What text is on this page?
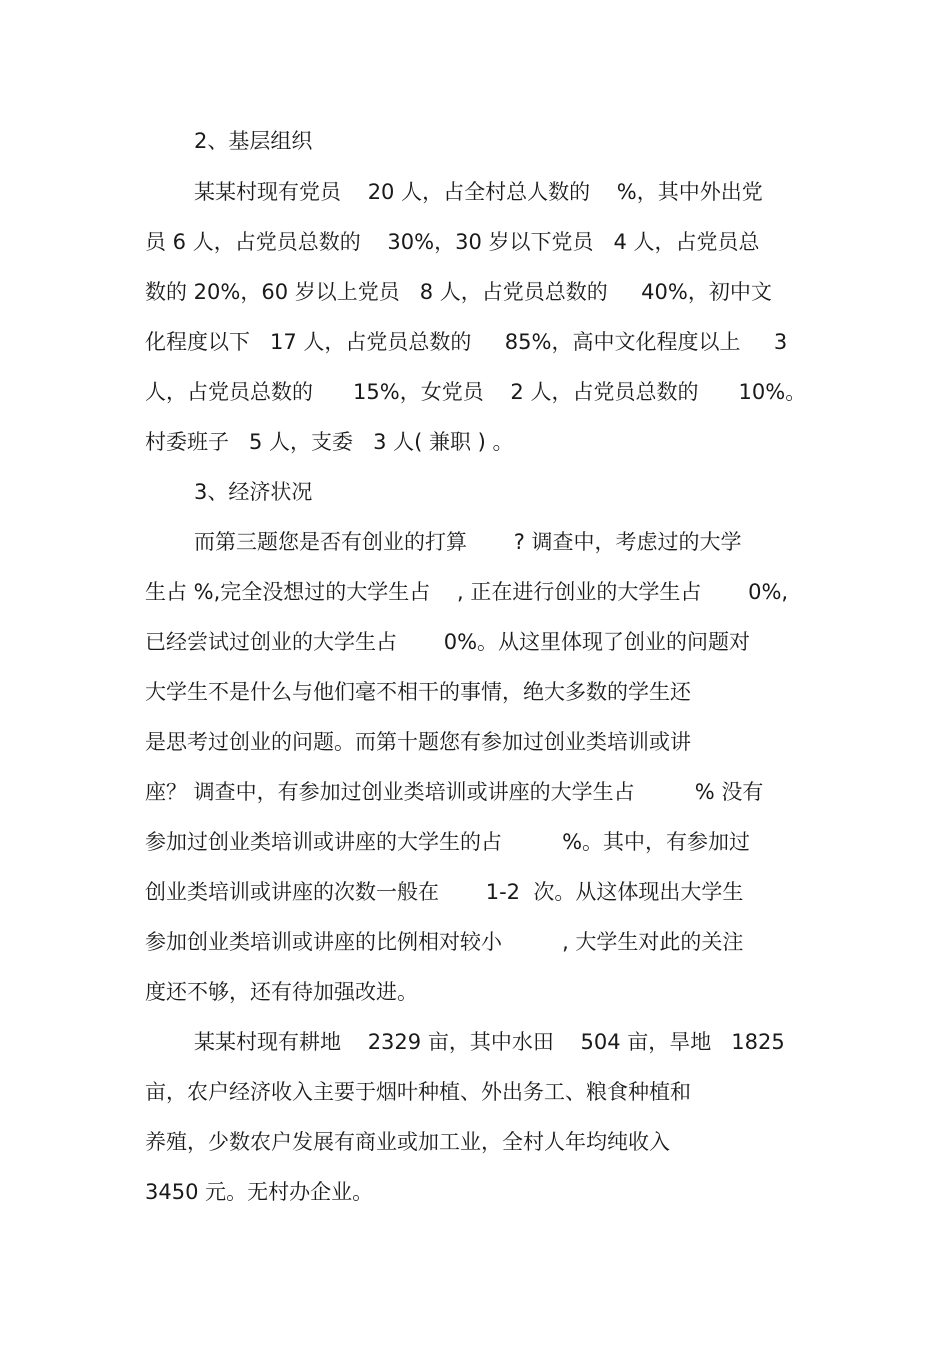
2、基层组织
某某村现有党员    20 人，占全村总人数的    %，其中外出党
员 6 人，占党员总数的    30%，30 岁以下党员   4 人，占党员总
数的 20%，60 岁以上党员   8 人，占党员总数的     40%，初中文
化程度以下   17 人，占党员总数的     85%，高中文化程度以上     3
人，占党员总数的      15%，女党员    2 人，占党员总数的      10%。
村委班子   5 人，支委   3 人( 兼职 ) 。
3、经济状况
而第三题您是否有创业的打算       ? 调查中，考虑过的大学
生占 %,完全没想过的大学生占    , 正在进行创业的大学生占       0%,
已经尝试过创业的大学生占       0%。从这里体现了创业的问题对
大学生不是什么与他们毫不相干的事情，绝大多数的学生还
是思考过创业的问题。而第十题您有参加过创业类培训或讲
座？ 调查中，有参加过创业类培训或讲座的大学生占         % 没有
参加过创业类培训或讲座的大学生的占         %。其中，有参加过
创业类培训或讲座的次数一般在       1-2  次。从这体现出大学生
参加创业类培训或讲座的比例相对较小         , 大学生对此的关注
度还不够，还有待加强改进。
某某村现有耕地    2329 亩，其中水田    504 亩，旱地   1825
亩，农户经济收入主要于烟叶种植、外出务工、粮食种植和
养殖，少数农户发展有商业或加工业，全村人年均纯收入
3450 元。无村办企业。
